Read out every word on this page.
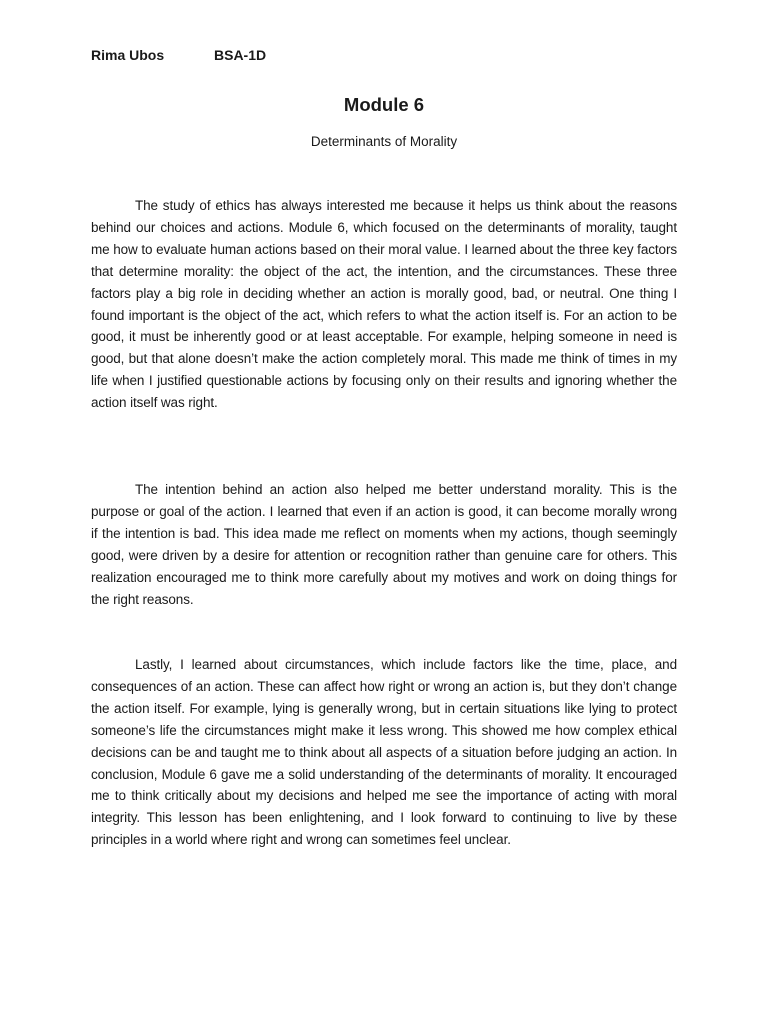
Rima Ubos	BSA-1D
Module 6
Determinants of Morality

The study of ethics has always interested me because it helps us think about the reasons behind our choices and actions. Module 6, which focused on the determinants of morality, taught me how to evaluate human actions based on their moral value. I learned about the three key factors that determine morality: the object of the act, the intention, and the circumstances. These three factors play a big role in deciding whether an action is morally good, bad, or neutral. One thing I found important is the object of the act, which refers to what the action itself is. For an action to be good, it must be inherently good or at least acceptable. For example, helping someone in need is good, but that alone doesn’t make the action completely moral. This made me think of times in my life when I justified questionable actions by focusing only on their results and ignoring whether the action itself was right.

The intention behind an action also helped me better understand morality. This is the purpose or goal of the action. I learned that even if an action is good, it can become morally wrong if the intention is bad. This idea made me reflect on moments when my actions, though seemingly good, were driven by a desire for attention or recognition rather than genuine care for others. This realization encouraged me to think more carefully about my motives and work on doing things for the right reasons.

Lastly, I learned about circumstances, which include factors like the time, place, and consequences of an action. These can affect how right or wrong an action is, but they don’t change the action itself. For example, lying is generally wrong, but in certain situations like lying to protect someone’s life the circumstances might make it less wrong. This showed me how complex ethical decisions can be and taught me to think about all aspects of a situation before judging an action. In conclusion, Module 6 gave me a solid understanding of the determinants of morality. It encouraged me to think critically about my decisions and helped me see the importance of acting with moral integrity. This lesson has been enlightening, and I look forward to continuing to live by these principles in a world where right and wrong can sometimes feel unclear.
